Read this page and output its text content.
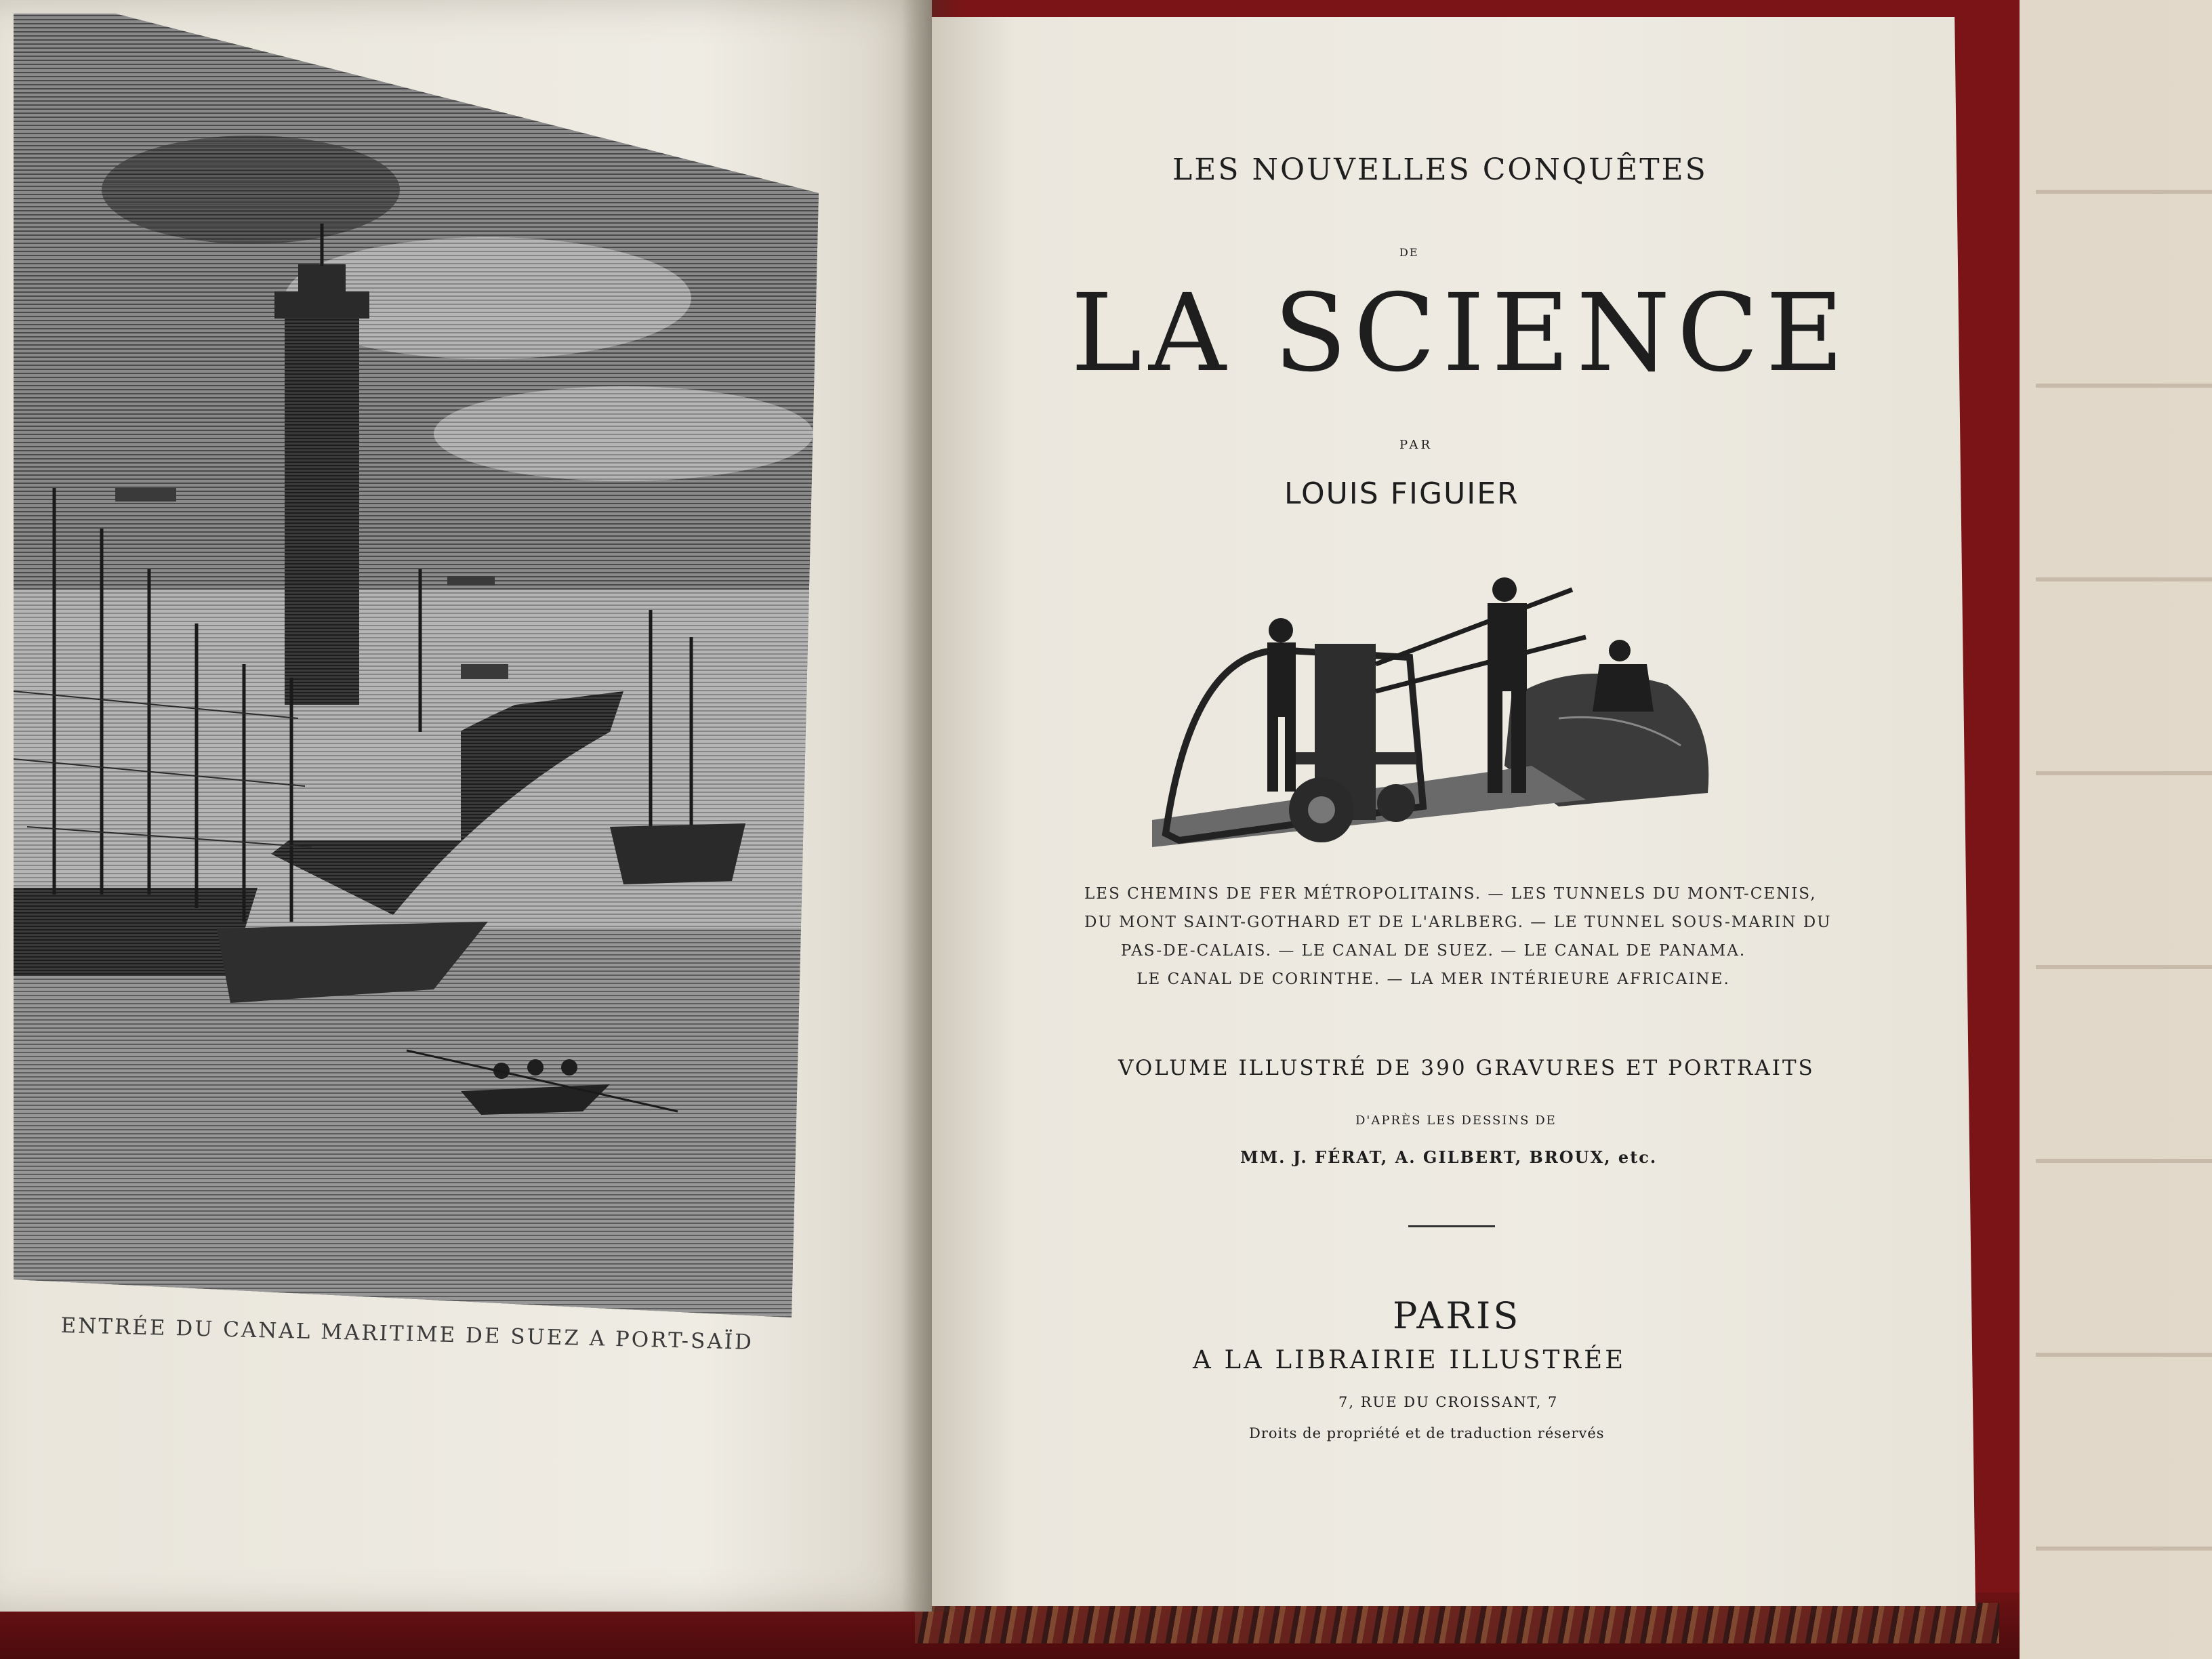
ENTRÉE DU CANAL MARITIME DE SUEZ A PORT-SAÏD
LES NOUVELLES CONQUÊTES
DE
LA SCIENCE
PAR
LOUIS FIGUIER
LES CHEMINS DE FER MÉTROPOLITAINS. — LES TUNNELS DU MONT-CENIS,
DU MONT SAINT-GOTHARD ET DE L'ARLBERG. — LE TUNNEL SOUS-MARIN DU
PAS-DE-CALAIS. — LE CANAL DE SUEZ. — LE CANAL DE PANAMA.
LE CANAL DE CORINTHE. — LA MER INTÉRIEURE AFRICAINE.
VOLUME ILLUSTRÉ DE 390 GRAVURES ET PORTRAITS
D'APRÈS LES DESSINS DE
MM. J. FÉRAT, A. GILBERT, BROUX, etc.
PARIS
A LA LIBRAIRIE ILLUSTRÉE
7, RUE DU CROISSANT, 7
Droits de propriété et de traduction réservés
